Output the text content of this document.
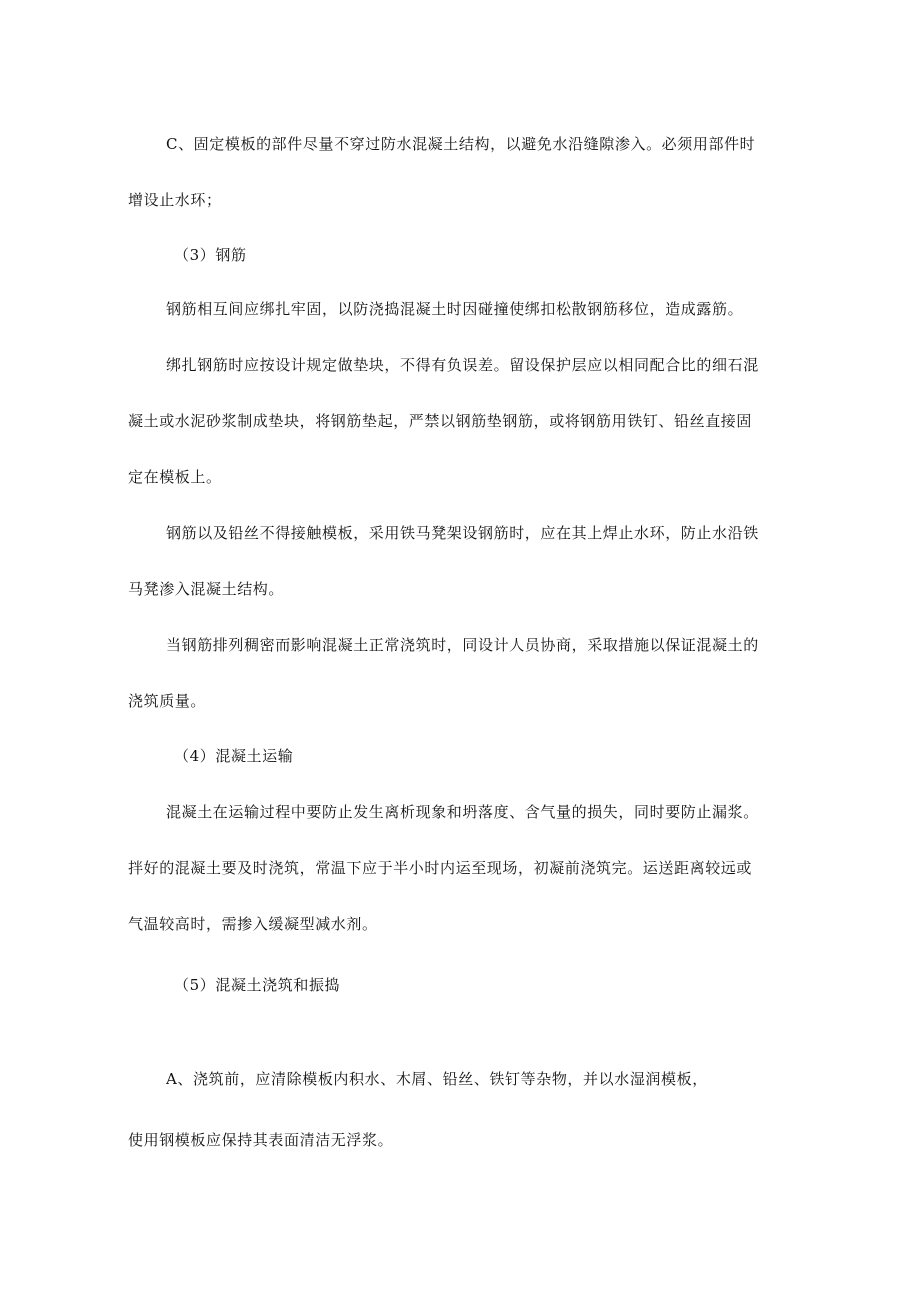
C、固定模板的部件尽量不穿过防水混凝土结构，以避免水沿缝隙渗入。必须用部件时
增设止水环；
（3）钢筋
钢筋相互间应绑扎牢固，以防浇捣混凝土时因碰撞使绑扣松散钢筋移位，造成露筋。
绑扎钢筋时应按设计规定做垫块，不得有负误差。留设保护层应以相同配合比的细石混
凝土或水泥砂浆制成垫块，将钢筋垫起，严禁以钢筋垫钢筋，或将钢筋用铁钉、铅丝直接固
定在模板上。
钢筋以及铅丝不得接触模板，采用铁马凳架设钢筋时，应在其上焊止水环，防止水沿铁
马凳渗入混凝土结构。
当钢筋排列稠密而影响混凝土正常浇筑时，同设计人员协商，采取措施以保证混凝土的
浇筑质量。
（4）混凝土运输
混凝土在运输过程中要防止发生离析现象和坍落度、含气量的损失，同时要防止漏浆。
拌好的混凝土要及时浇筑，常温下应于半小时内运至现场，初凝前浇筑完。运送距离较远或
气温较高时，需掺入缓凝型减水剂。
（5）混凝土浇筑和振捣
A、浇筑前，应清除模板内积水、木屑、铅丝、铁钉等杂物，并以水湿润模板，
使用钢模板应保持其表面清洁无浮浆。
